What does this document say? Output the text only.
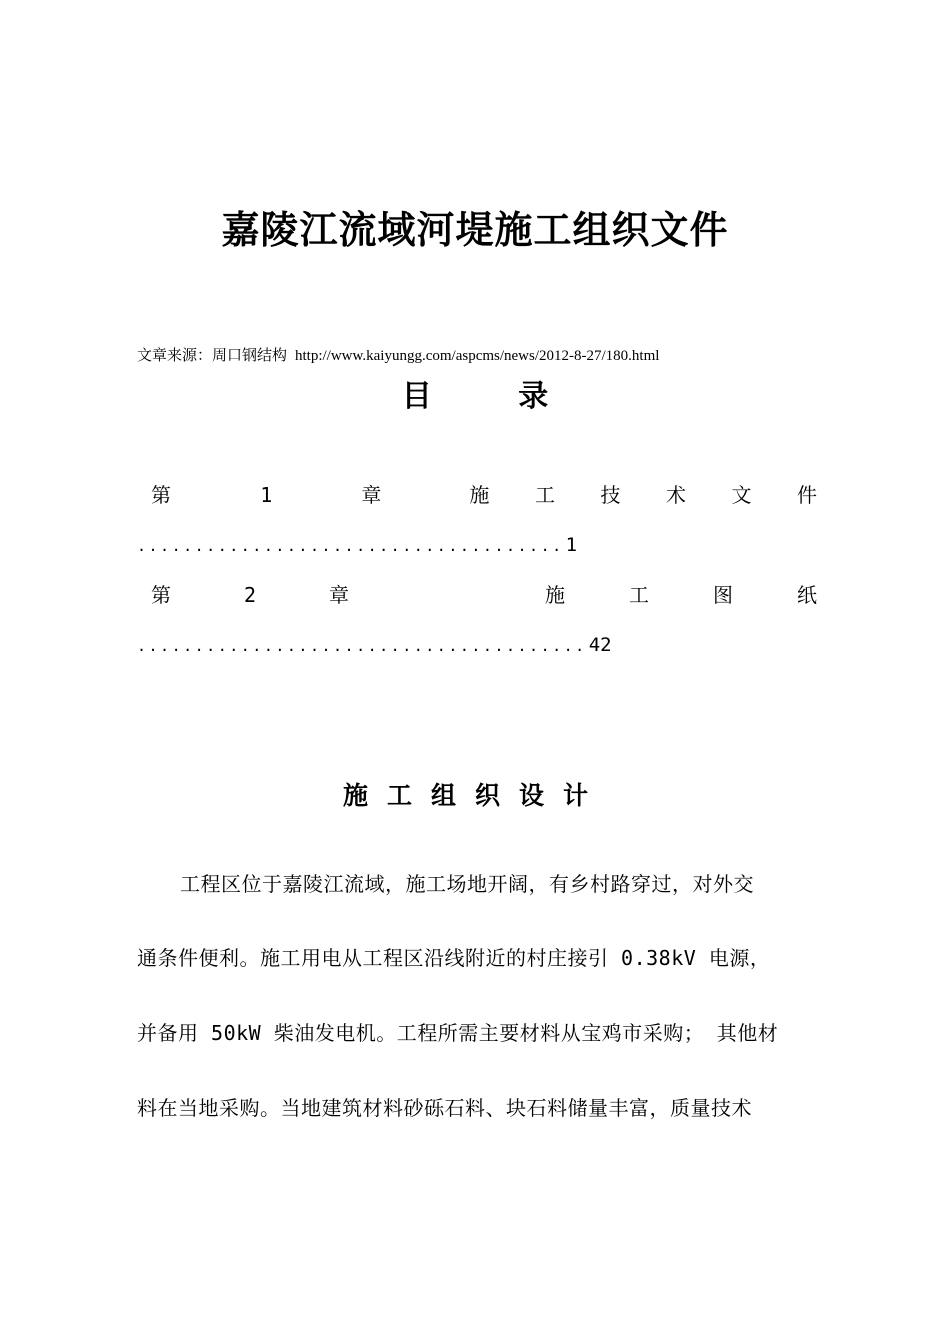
嘉陵江流域河堤施工组织文件
文章来源：周口钢结构 http://www.kaiyungg.com/aspcms/news/2012-8-27/180.html
目 录
第	1	章	施 工 技 术 文 件
..................................... 1
第	2	章	施	工	图	纸
....................................... 42
施工组织设计
工程区位于嘉陵江流域，施工场地开阔，有乡村路穿过，对外交
通条件便利。施工用电从工程区沿线附近的村庄接引 0.38kV 电源，
并备用 50kW 柴油发电机。工程所需主要材料从宝鸡市采购； 其他材
料在当地采购。当地建筑材料砂砾石料、块石料储量丰富，质量技术
